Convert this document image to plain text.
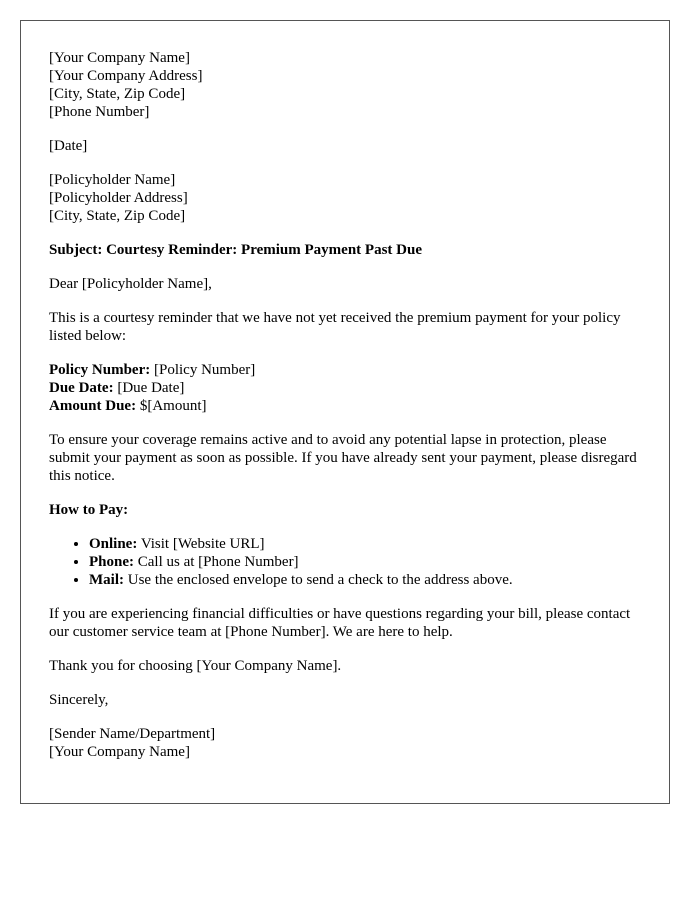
[Your Company Name]
[Your Company Address]
[City, State, Zip Code]
[Phone Number]

[Date]

[Policyholder Name]
[Policyholder Address]
[City, State, Zip Code]

Subject: Courtesy Reminder: Premium Payment Past Due

Dear [Policyholder Name],

This is a courtesy reminder that we have not yet received the premium payment for your policy listed below:

Policy Number: [Policy Number]
Due Date: [Due Date]
Amount Due: $[Amount]

To ensure your coverage remains active and to avoid any potential lapse in protection, please submit your payment as soon as possible. If you have already sent your payment, please disregard this notice.

How to Pay:

• Online: Visit [Website URL]
• Phone: Call us at [Phone Number]
• Mail: Use the enclosed envelope to send a check to the address above.

If you are experiencing financial difficulties or have questions regarding your bill, please contact our customer service team at [Phone Number]. We are here to help.

Thank you for choosing [Your Company Name].

Sincerely,

[Sender Name/Department]
[Your Company Name]
